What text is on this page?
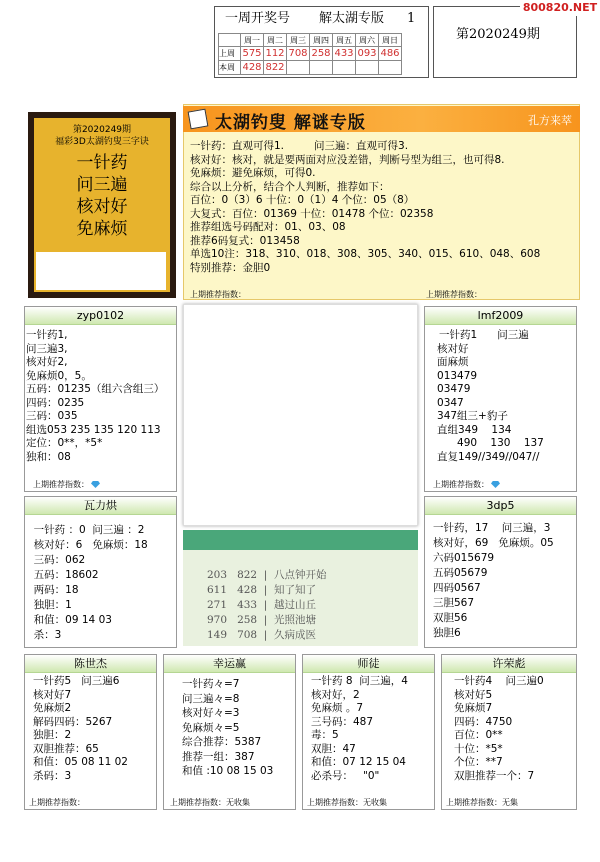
一周开奖号 解太湖专版 1
	周一	周二	周三	周四	周五	周六	周日
上周	575	112	708	258	433	093	486
本周	428	822					
第2020249期
800820.NET
第2020249期
福彩3D太湖钓叟三字诀
一针药
问三遍
核对好
免麻烦
太湖钓叟 解谜专版	孔方来萃
一针药：直观可得1.         问三遍：直观可得3.
核对好：核对，就是要两面对应没差错，判断号型为组三，也可得8.
免麻烦：避免麻烦，可得0.
综合以上分析，结合个人判断，推荐如下：
百位：0（3）6 十位：0（1）4 个位：05（8）
大复式：百位：01369 十位：01478 个位：02358
推荐组选号码配对：01、03、08
推荐6码复式：013458
单选10注：318、310、018、308、305、340、015、610、048、608
特别推荐：金胆0
上期推荐指数：	上期推荐指数：
zyp0102
一针药1,
问三遍3,
核对好2,
免麻烦0，5。
五码：01235（组六含组三）
四码：0235
三码：035
组选053 235 135 120 113
定位：0**，*5*
独和：08
上期推荐指数：
203 822  |  八点钟开始
611 428  |  知了知了
271 433  |  越过山丘
970 258  |  光照池塘
149 708  |  久病成医
lmf2009
一针药1      问三遍
核对好
面麻烦
013479
03479
0347
347组三+豹子
直组349    134
490    130    137
直复149//349//047//
上期推荐指数：
瓦力烘
一针药 ：0  问三遍 ：2
核对好：6   免麻烦：18
三码：062
五码：18602
两码：18
独胆：1
和值：09 14 03
杀：3
3dp5
一针药，17    问三遍，3
核对好，69   免麻烦。05
六码015679
五码05679
四码0567
三胆567
双胆56
独胆6
陈世杰
一针药5   问三遍6
核对好7
免麻烦2
解码四码：5267
独胆：2
双胆推荐：65
和值：05 08 11 02
杀码：3
上期推荐指数：
幸运赢
一针药々=7
问三遍々=8
核对好々=3
免麻烦々=5
综合推荐：5387
推荐一组：387
和值 :10 08 15 03
上期推荐指数：无收集
师徒
一针药 8  问三遍，4
核对好，2
免麻烦 。7
三号码：487
毒：5
双胆：47
和值：07 12 15 04
必杀号：   "0"
上期推荐指数：无收集
许荣彪
一针药4    问三遍0
核对好5
免麻烦7
四码：4750
百位：0**
十位：*5*
个位：**7
双胆推荐一个：7
上期推荐指数：无集
